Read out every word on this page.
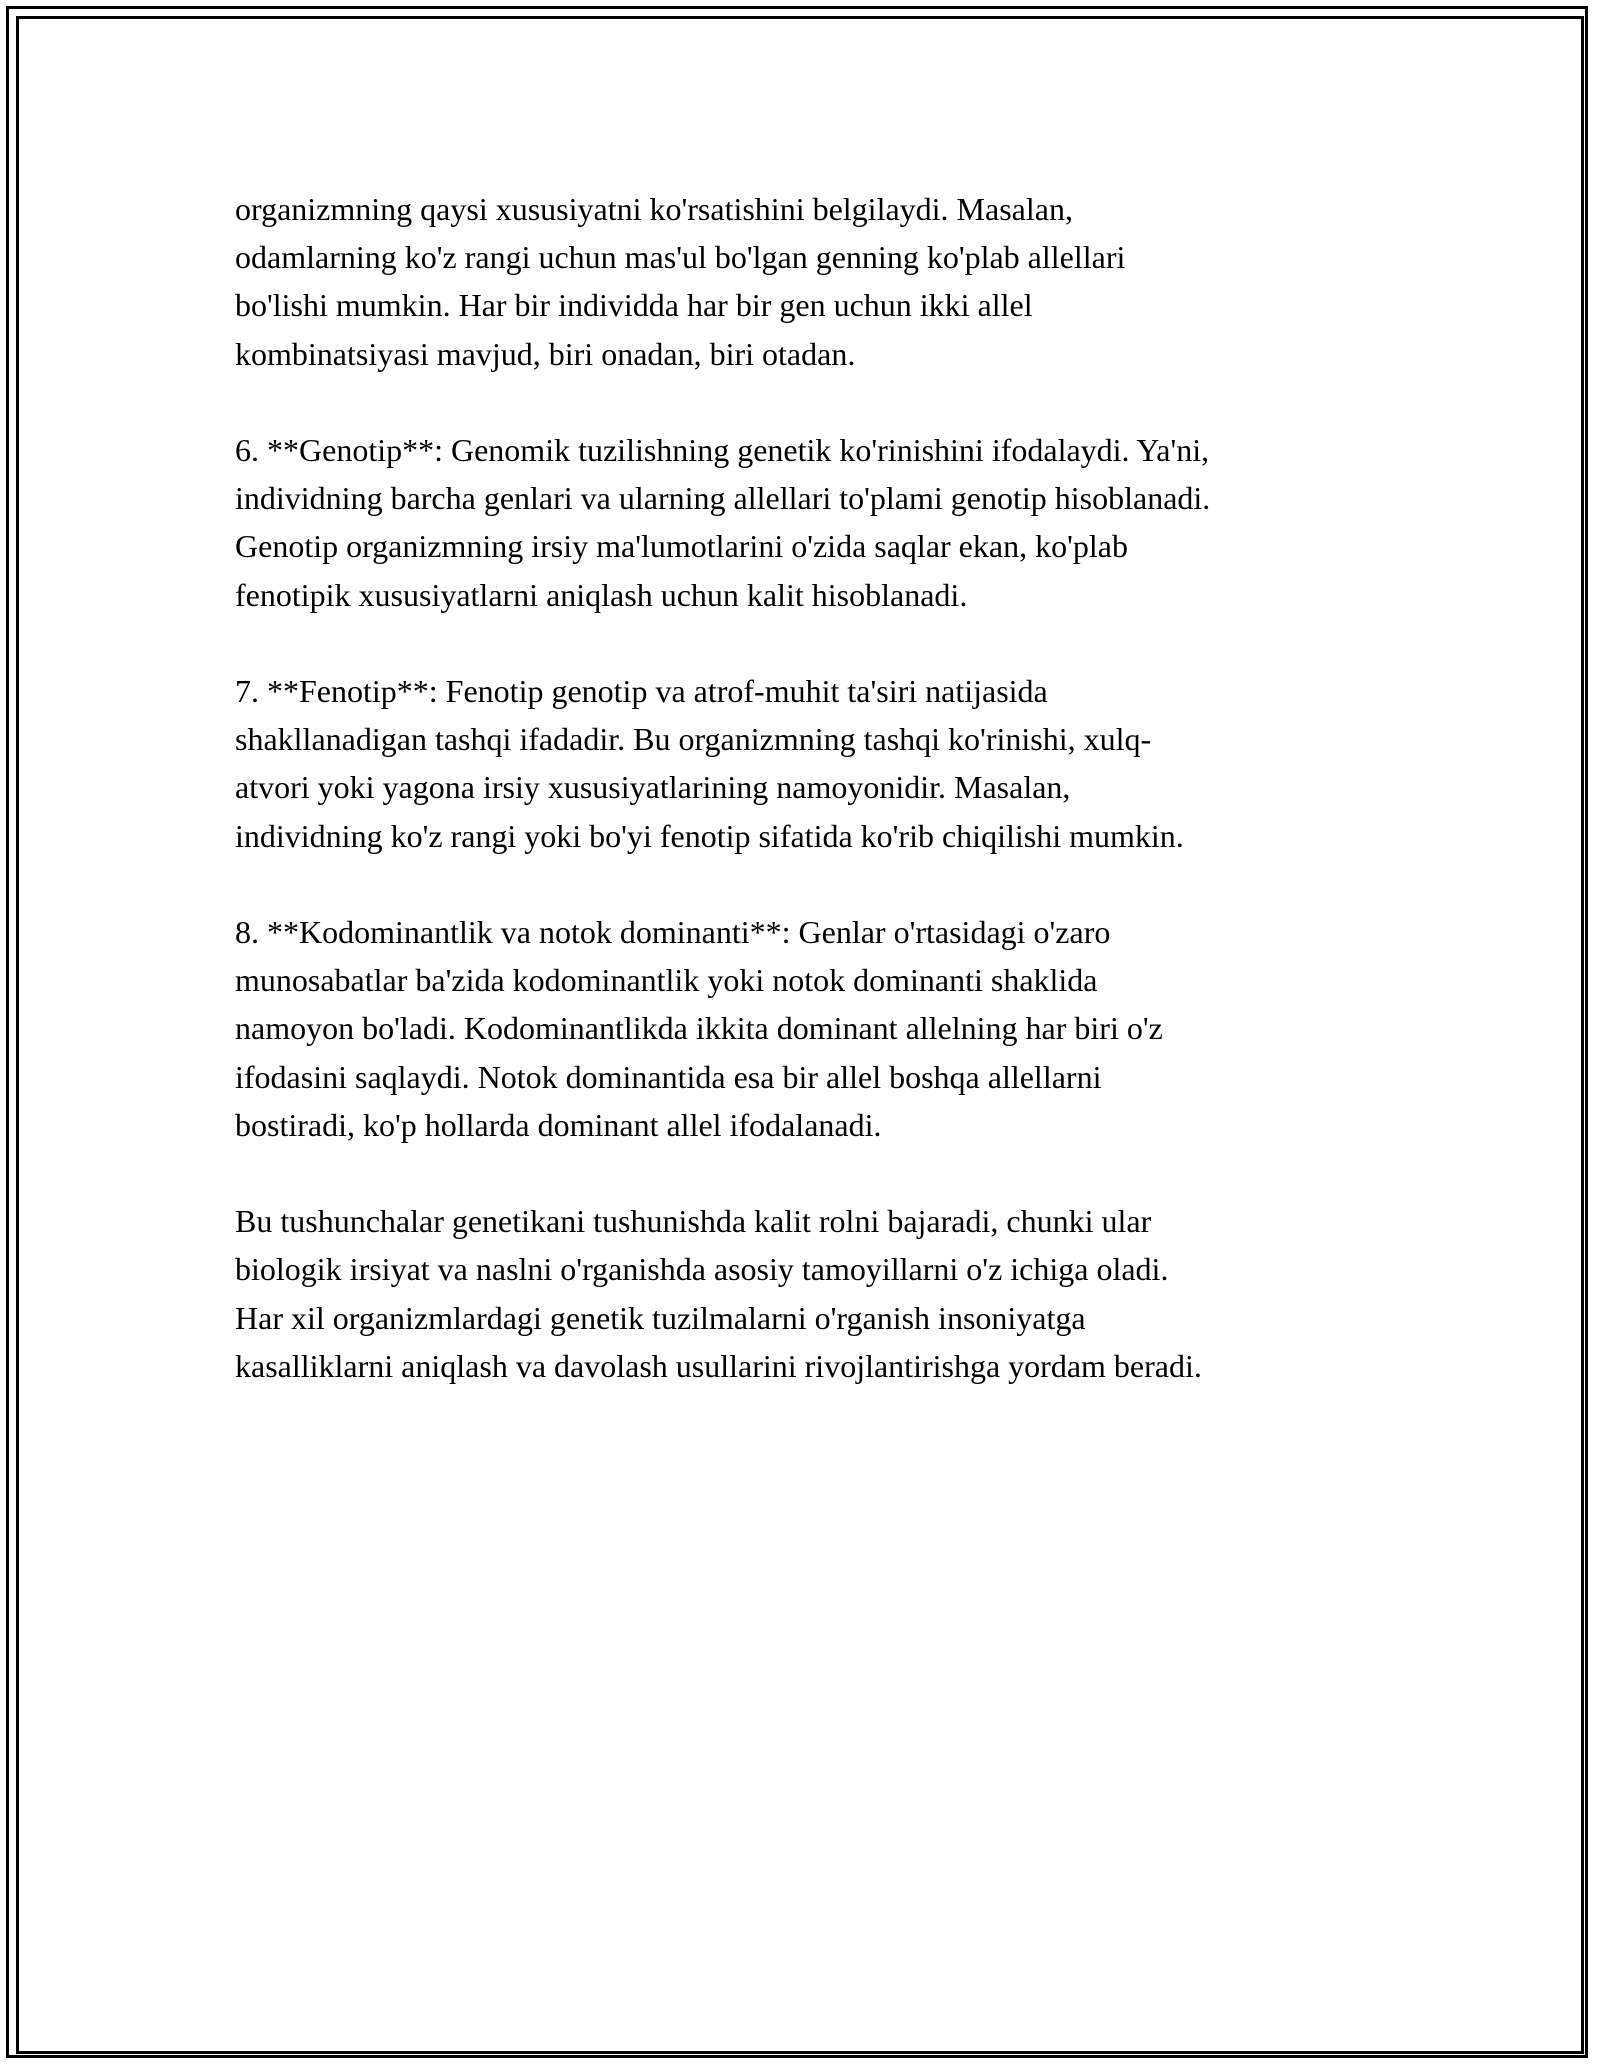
organizmning qaysi xususiyatni ko'rsatishini belgilaydi. Masalan,
odamlarning ko'z rangi uchun mas'ul bo'lgan genning ko'plab allellari
bo'lishi mumkin. Har bir individda har bir gen uchun ikki allel
kombinatsiyasi mavjud, biri onadan, biri otadan.

6. **Genotip**: Genomik tuzilishning genetik ko'rinishini ifodalaydi. Ya'ni,
individning barcha genlari va ularning allellari to'plami genotip hisoblanadi.
Genotip organizmning irsiy ma'lumotlarini o'zida saqlar ekan, ko'plab
fenotipik xususiyatlarni aniqlash uchun kalit hisoblanadi.

7. **Fenotip**: Fenotip genotip va atrof-muhit ta'siri natijasida
shakllanadigan tashqi ifadadir. Bu organizmning tashqi ko'rinishi, xulq-
atvori yoki yagona irsiy xususiyatlarining namoyonidir. Masalan,
individning ko'z rangi yoki bo'yi fenotip sifatida ko'rib chiqilishi mumkin.

8. **Kodominantlik va notok dominanti**: Genlar o'rtasidagi o'zaro
munosabatlar ba'zida kodominantlik yoki notok dominanti shaklida
namoyon bo'ladi. Kodominantlikda ikkita dominant allelning har biri o'z
ifodasini saqlaydi. Notok dominantida esa bir allel boshqa allellarni
bostiradi, ko'p hollarda dominant allel ifodalanadi.

Bu tushunchalar genetikani tushunishda kalit rolni bajaradi, chunki ular
biologik irsiyat va naslni o'rganishda asosiy tamoyillarni o'z ichiga oladi.
Har xil organizmlardagi genetik tuzilmalarni o'rganish insoniyatga
kasalliklarni aniqlash va davolash usullarini rivojlantirishga yordam beradi.
